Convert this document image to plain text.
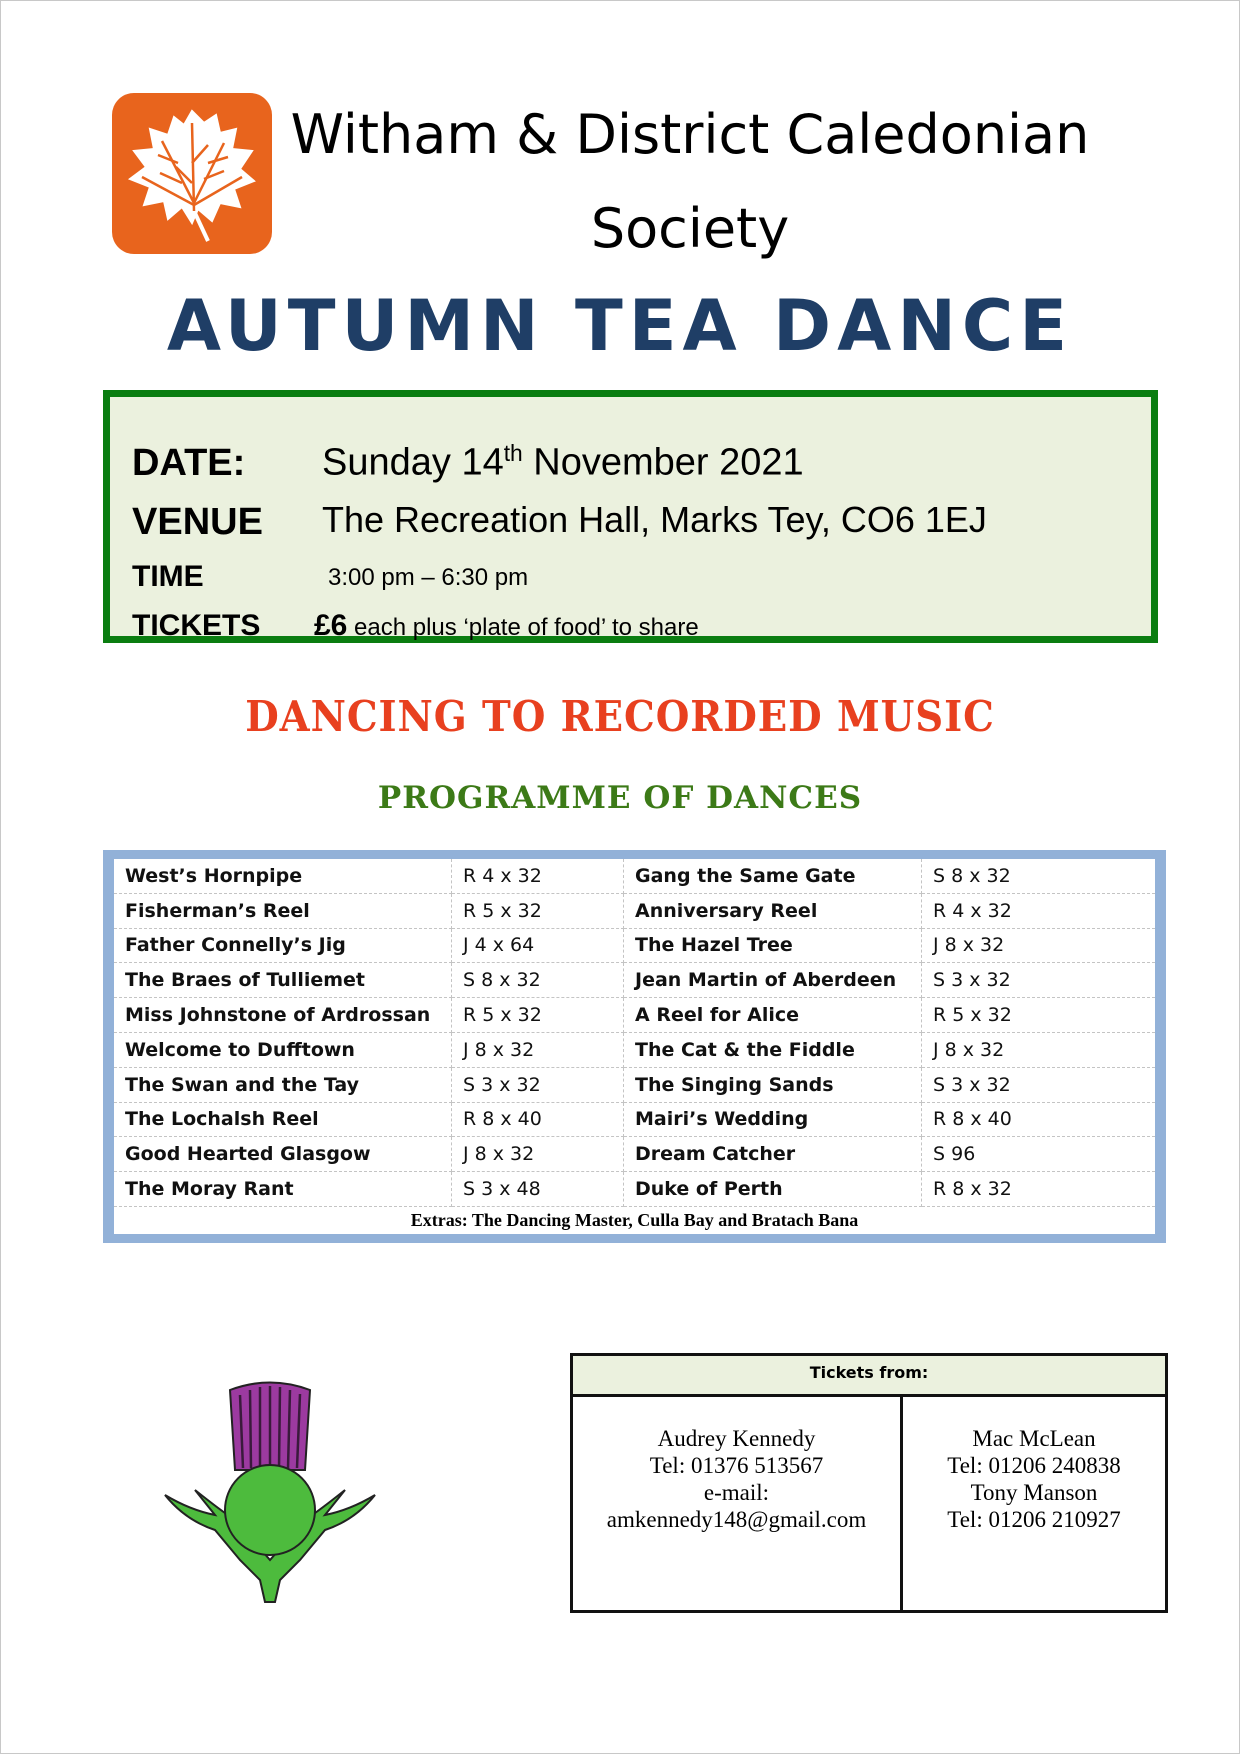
Witham & District Caledonian
Society
AUTUMN TEA DANCE
DATE: Sunday 14th November 2021
VENUE The Recreation Hall, Marks Tey, CO6 1EJ
TIME	3:00 pm – 6:30 pm
TICKETS £6 each plus ‘plate of food’ to share
DANCING TO RECORDED MUSIC
PROGRAMME OF DANCES
West’s Hornpipe	R 4 x 32	Gang the Same Gate	S 8 x 32
Fisherman’s Reel	R 5 x 32	Anniversary Reel	R 4 x 32
Father Connelly’s Jig	J 4 x 64	The Hazel Tree	J 8 x 32
The Braes of Tulliemet	S 8 x 32	Jean Martin of Aberdeen	S 3 x 32
Miss Johnstone of Ardrossan	R 5 x 32	A Reel for Alice	R 5 x 32
Welcome to Dufftown	J 8 x 32	The Cat & the Fiddle	J 8 x 32
The Swan and the Tay	S 3 x 32	The Singing Sands	S 3 x 32
The Lochalsh Reel	R 8 x 40	Mairi’s Wedding	R 8 x 40
Good Hearted Glasgow	J 8 x 32	Dream Catcher	S 96
The Moray Rant	S 3 x 48	Duke of Perth	R 8 x 32
Extras: The Dancing Master, Culla Bay and Bratach Bana
Tickets from:
Audrey Kennedy
Tel: 01376 513567
e-mail:
amkennedy148@gmail.com
Mac McLean
Tel: 01206 240838
Tony Manson
Tel: 01206 210927
